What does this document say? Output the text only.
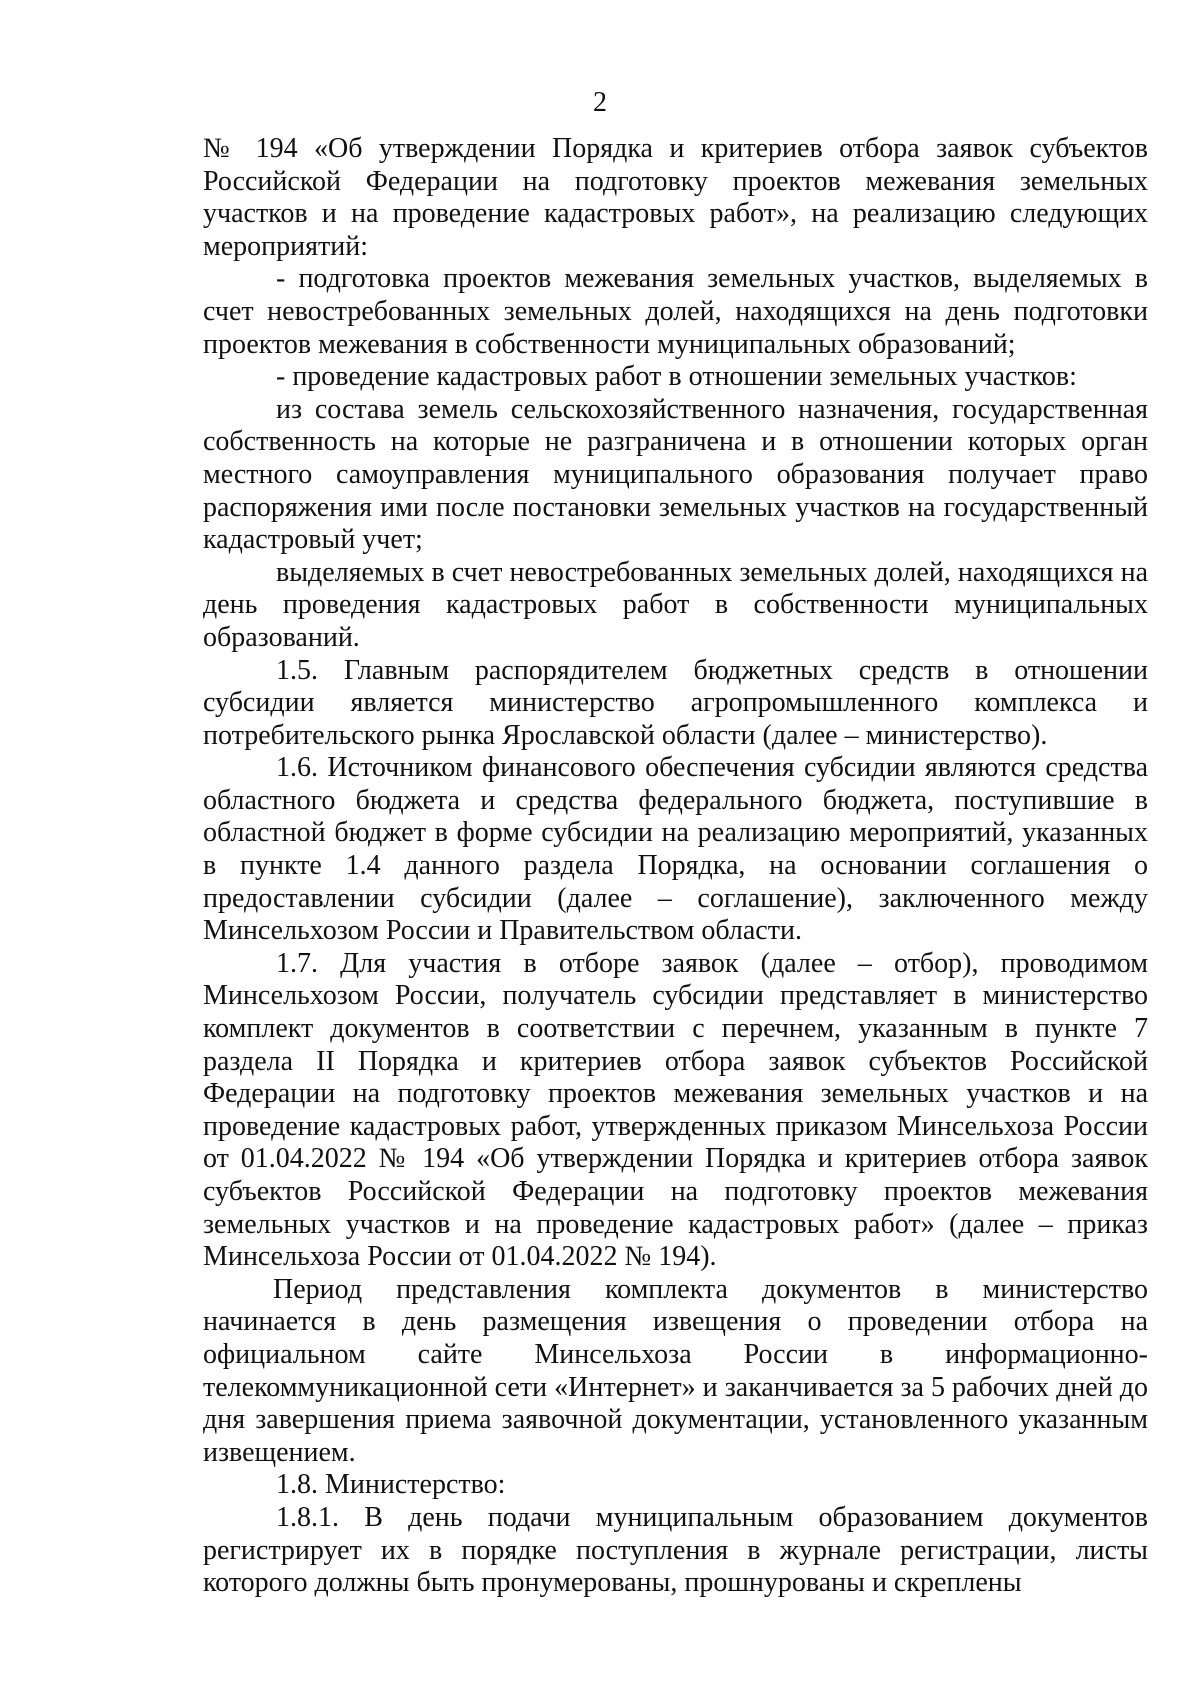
2

№ 194 «Об утверждении Порядка и критериев отбора заявок субъектов Российской Федерации на подготовку проектов межевания земельных участков и на проведение кадастровых работ», на реализацию следующих мероприятий:

- подготовка проектов межевания земельных участков, выделяемых в счет невостребованных земельных долей, находящихся на день подготовки проектов межевания в собственности муниципальных образований;

- проведение кадастровых работ в отношении земельных участков:

из состава земель сельскохозяйственного назначения, государственная собственность на которые не разграничена и в отношении которых орган местного самоуправления муниципального образования получает право распоряжения ими после постановки земельных участков на государственный кадастровый учет;

выделяемых в счет невостребованных земельных долей, находящихся на день проведения кадастровых работ в собственности муниципальных образований.

1.5. Главным распорядителем бюджетных средств в отношении субсидии является министерство агропромышленного комплекса и потребительского рынка Ярославской области (далее – министерство).

1.6. Источником финансового обеспечения субсидии являются средства областного бюджета и средства федерального бюджета, поступившие в областной бюджет в форме субсидии на реализацию мероприятий, указанных в пункте 1.4 данного раздела Порядка, на основании соглашения о предоставлении субсидии (далее – соглашение), заключенного между Минсельхозом России и Правительством области.

1.7. Для участия в отборе заявок (далее – отбор), проводимом Минсельхозом России, получатель субсидии представляет в министерство комплект документов в соответствии с перечнем, указанным в пункте 7 раздела II Порядка и критериев отбора заявок субъектов Российской Федерации на подготовку проектов межевания земельных участков и на проведение кадастровых работ, утвержденных приказом Минсельхоза России от 01.04.2022 № 194 «Об утверждении Порядка и критериев отбора заявок субъектов Российской Федерации на подготовку проектов межевания земельных участков и на проведение кадастровых работ» (далее – приказ Минсельхоза России от 01.04.2022 № 194).

Период представления комплекта документов в министерство начинается в день размещения извещения о проведении отбора на официальном сайте Минсельхоза России в информационно-телекоммуникационной сети «Интернет» и заканчивается за 5 рабочих дней до дня завершения приема заявочной документации, установленного указанным извещением.

1.8. Министерство:

1.8.1. В день подачи муниципальным образованием документов регистрирует их в порядке поступления в журнале регистрации, листы которого должны быть пронумерованы, прошнурованы и скреплены
